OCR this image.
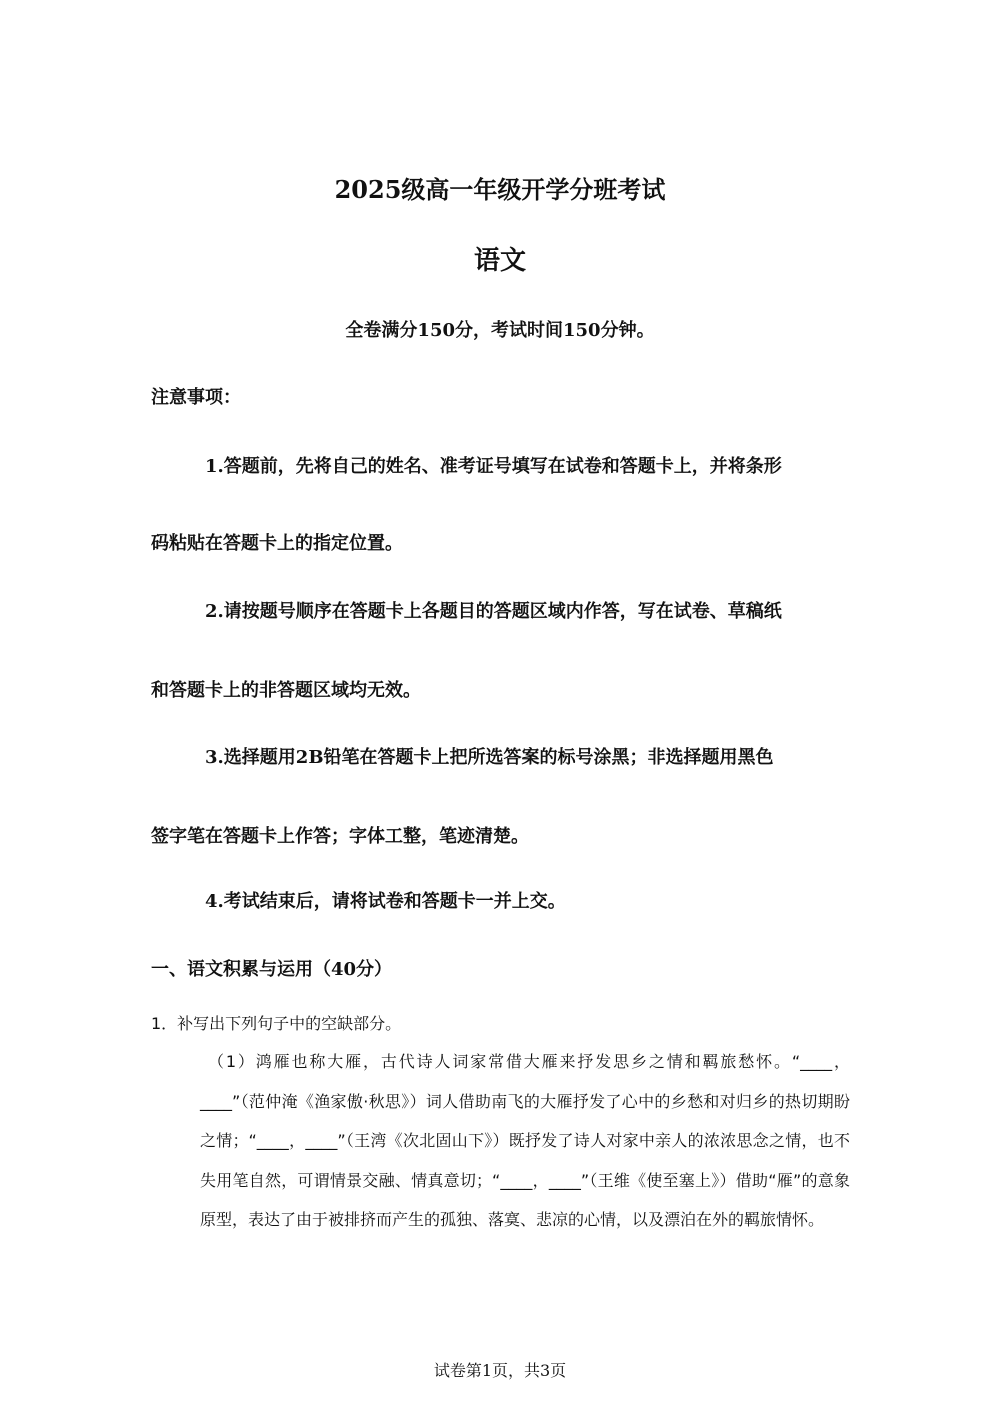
2025级高一年级开学分班考试
语文
全卷满分150分，考试时间150分钟。
注意事项：
1.答题前，先将自己的姓名、准考证号填写在试卷和答题卡上，并将条形
码粘贴在答题卡上的指定位置。
2.请按题号顺序在答题卡上各题目的答题区域内作答，写在试卷、草稿纸
和答题卡上的非答题区域均无效。
3.选择题用2B铅笔在答题卡上把所选答案的标号涂黑；非选择题用黑色
签字笔在答题卡上作答；字体工整，笔迹清楚。
4.考试结束后，请将试卷和答题卡一并上交。
一、语文积累与运用（40分）
1．补写出下列句子中的空缺部分。
（1）鸿雁也称大雁，古代诗人词家常借大雁来抒发思乡之情和羁旅愁怀。“____，____”（范仲淹《渔家傲·秋思》）词人借助南飞的大雁抒发了心中的乡愁和对归乡的热切期盼之情；“____，____”（王湾《次北固山下》）既抒发了诗人对家中亲人的浓浓思念之情，也不失用笔自然，可谓情景交融、情真意切；“____，____”（王维《使至塞上》）借助“雁”的意象原型，表达了由于被排挤而产生的孤独、落寞、悲凉的心情，以及漂泊在外的羁旅情怀。
试卷第1页，共3页
